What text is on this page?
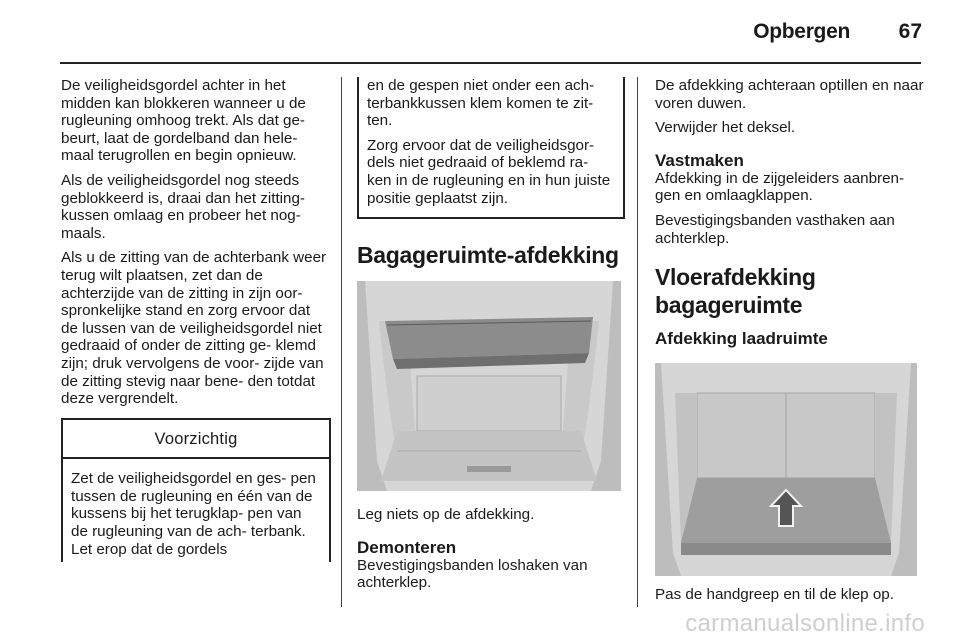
Opbergen	67

De veiligheidsgordel achter in het midden kan blokkeren wanneer u de rugleuning omhoog trekt. Als dat ge- beurt, laat de gordelband dan hele- maal terugrollen en begin opnieuw.

Als de veiligheidsgordel nog steeds geblokkeerd is, draai dan het zitting- kussen omlaag en probeer het nog- maals.

Als u de zitting van de achterbank weer terug wilt plaatsen, zet dan de achterzijde van de zitting in zijn oor- spronkelijke stand en zorg ervoor dat de lussen van de veiligheidsgordel niet gedraaid of onder de zitting ge- klemd zijn; druk vervolgens de voor- zijde van de zitting stevig naar bene- den totdat deze vergrendelt.

Voorzichtig
Zet de veiligheidsgordel en ges- pen tussen de rugleuning en één van de kussens bij het terugklap- pen van de rugleuning van de ach- terbank. Let erop dat de gordels

en de gespen niet onder een ach- terbankkussen klem komen te zit- ten.

Zorg ervoor dat de veiligheidsgor- dels niet gedraaid of beklemd ra- ken in de rugleuning en in hun juiste positie geplaatst zijn.

Bagageruimte-afdekking

Leg niets op de afdekking.

Demonteren

Bevestigingsbanden loshaken van achterklep.

De afdekking achteraan optillen en naar voren duwen.

Verwijder het deksel.

Vastmaken

Afdekking in de zijgeleiders aanbren- gen en omlaagklappen.

Bevestigingsbanden vasthaken aan achterklep.

Vloerafdekking
bagageruimte
Afdekking laadruimte

Pas de handgreep en til de klep op.

carmanualsonline.info
